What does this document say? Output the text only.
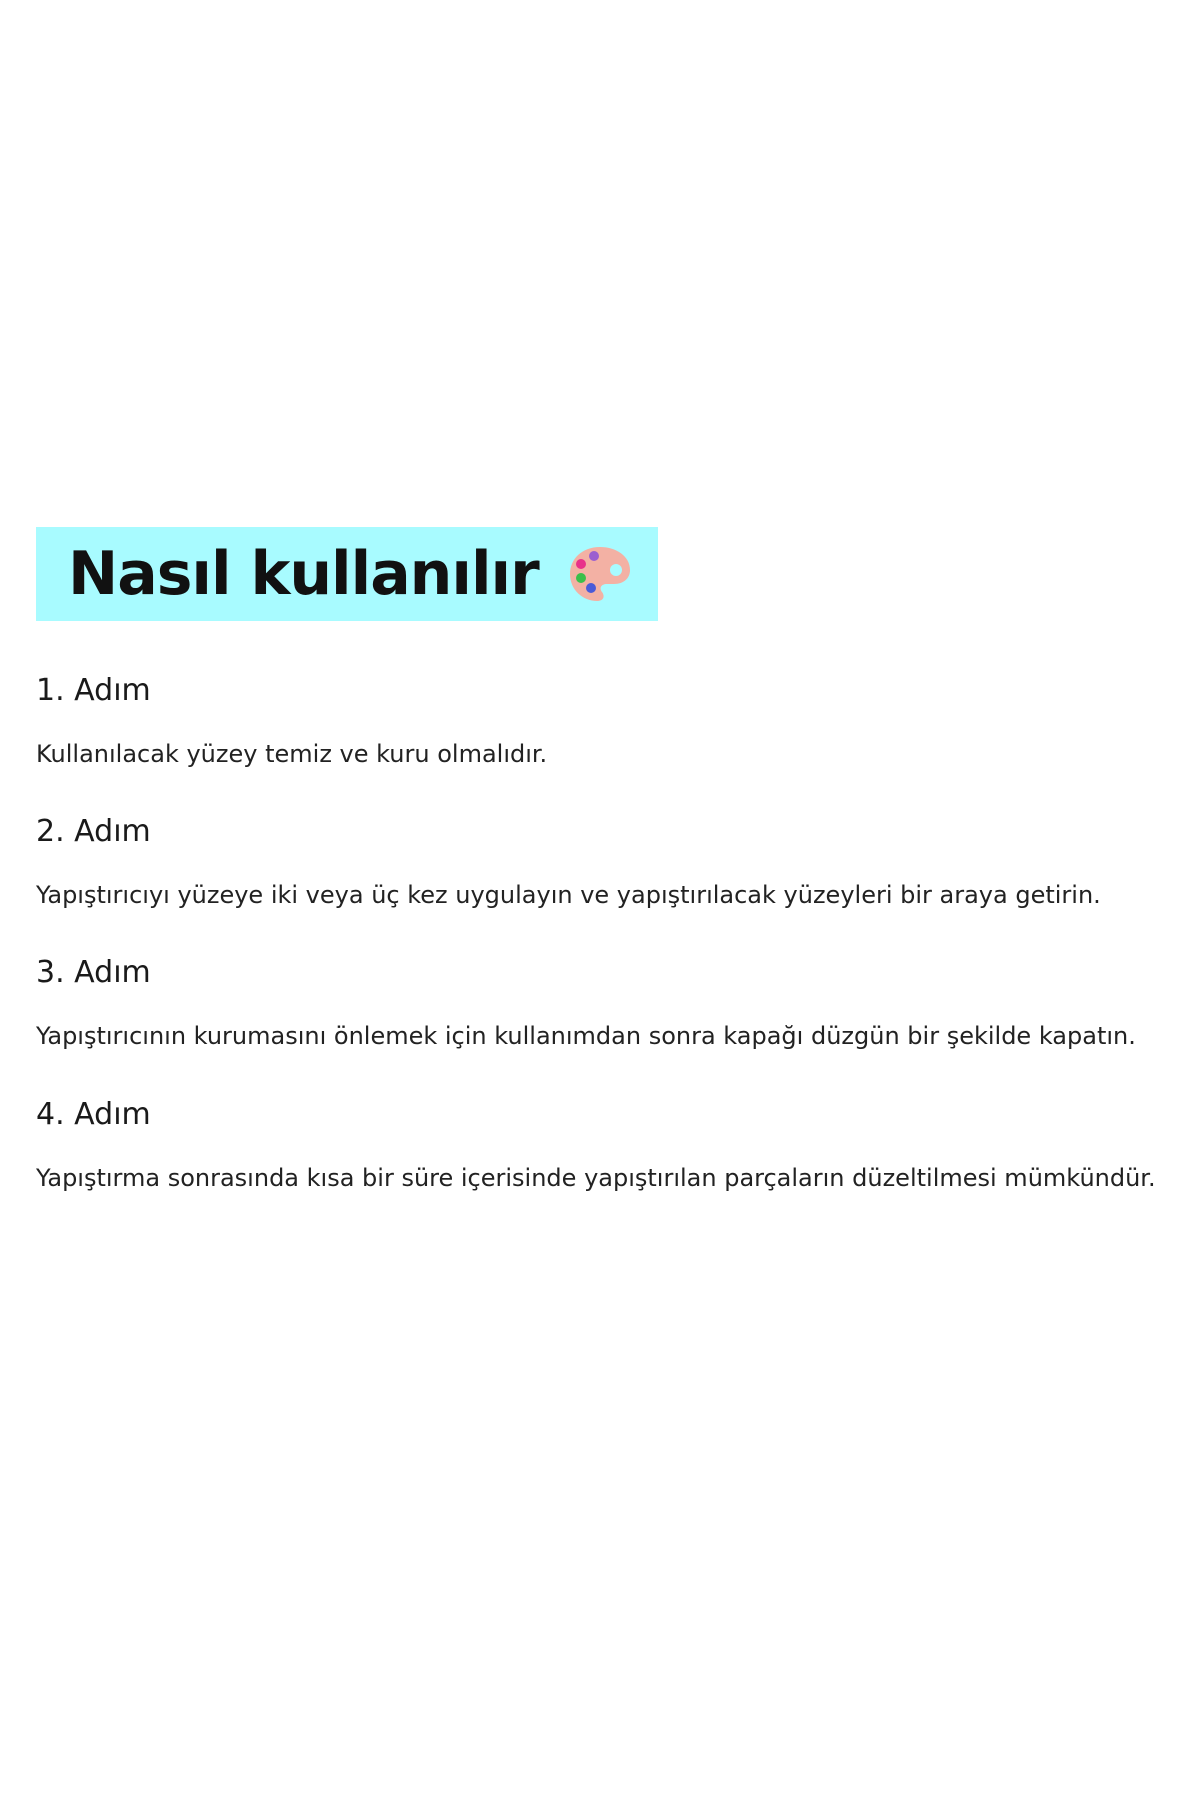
Nasıl kullanılır
1. Adım

Kullanılacak yüzey temiz ve kuru olmalıdır.

2. Adım

Yapıştırıcıyı yüzeye iki veya üç kez uygulayın ve yapıştırılacak yüzeyleri bir araya getirin.

3. Adım

Yapıştırıcının kurumasını önlemek için kullanımdan sonra kapağı düzgün bir şekilde kapatın.

4. Adım

Yapıştırma sonrasında kısa bir süre içerisinde yapıştırılan parçaların düzeltilmesi mümkündür.
